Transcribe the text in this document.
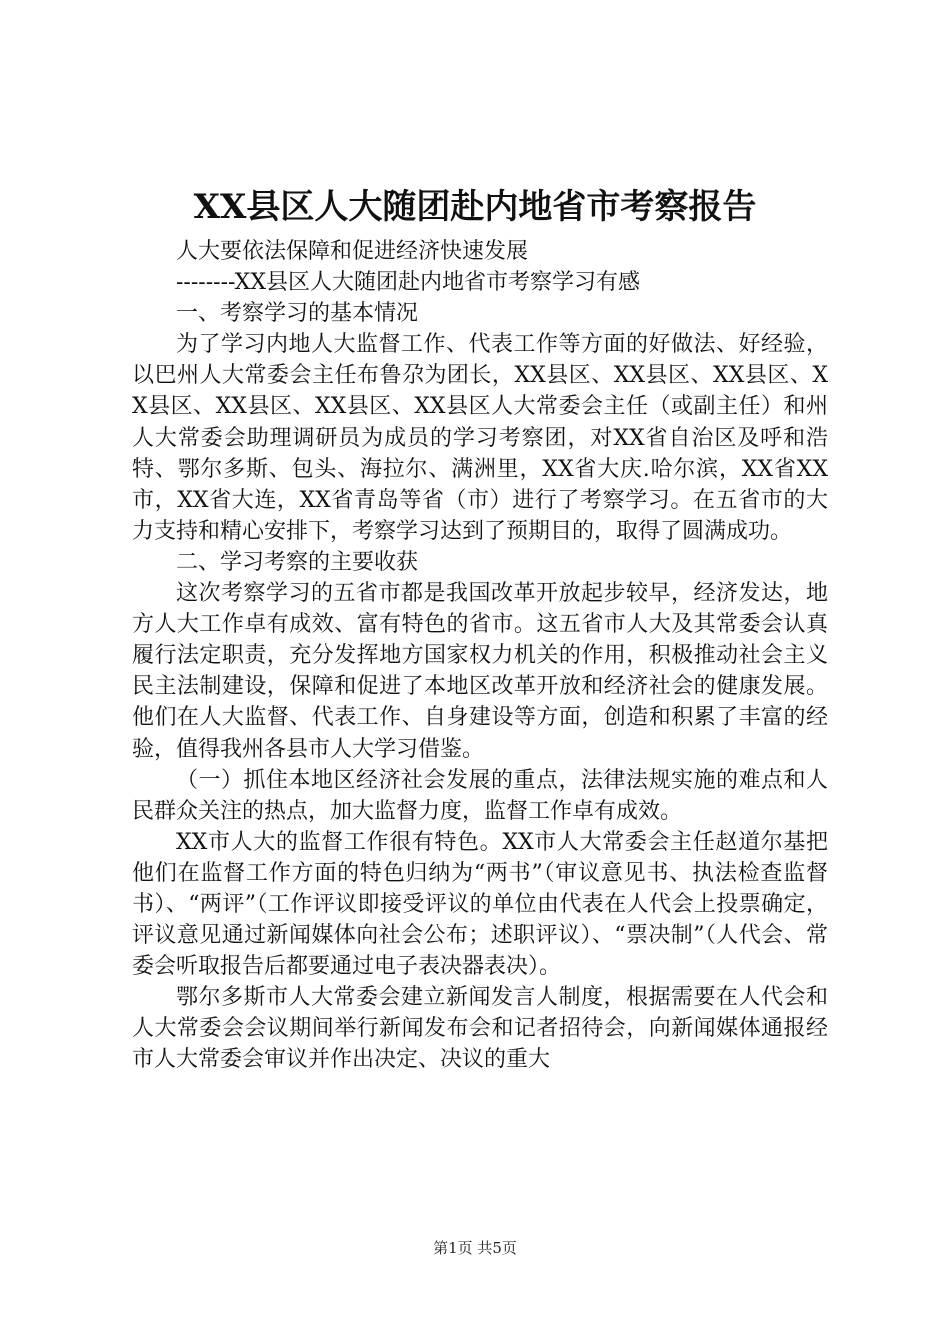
XX县区人大随团赴内地省市考察报告

人大要依法保障和促进经济快速发展

--------XX县区人大随团赴内地省市考察学习有感

一、考察学习的基本情况

为了学习内地人大监督工作、代表工作等方面的好做法、好经验，以巴州人大常委会主任布鲁尕为团长，XX县区、XX县区、XX县区、XX县区、XX县区、XX县区、XX县区人大常委会主任（或副主任）和州人大常委会助理调研员为成员的学习考察团，对XX省自治区及呼和浩特、鄂尔多斯、包头、海拉尔、满洲里，XX省大庆.哈尔滨，XX省XX市，XX省大连，XX省青岛等省（市）进行了考察学习。在五省市的大力支持和精心安排下，考察学习达到了预期目的，取得了圆满成功。

二、学习考察的主要收获

这次考察学习的五省市都是我国改革开放起步较早，经济发达，地方人大工作卓有成效、富有特色的省市。这五省市人大及其常委会认真履行法定职责，充分发挥地方国家权力机关的作用，积极推动社会主义民主法制建设，保障和促进了本地区改革开放和经济社会的健康发展。他们在人大监督、代表工作、自身建设等方面，创造和积累了丰富的经验，值得我州各县市人大学习借鉴。

（一）抓住本地区经济社会发展的重点，法律法规实施的难点和人民群众关注的热点，加大监督力度，监督工作卓有成效。

XX市人大的监督工作很有特色。XX市人大常委会主任赵道尔基把他们在监督工作方面的特色归纳为“两书”（审议意见书、执法检查监督书）、“两评”（工作评议即接受评议的单位由代表在人代会上投票确定，评议意见通过新闻媒体向社会公布；述职评议）、“票决制”（人代会、常委会听取报告后都要通过电子表决器表决）。

鄂尔多斯市人大常委会建立新闻发言人制度，根据需要在人代会和人大常委会会议期间举行新闻发布会和记者招待会，向新闻媒体通报经市人大常委会审议并作出决定、决议的重大

第1页 共5页
